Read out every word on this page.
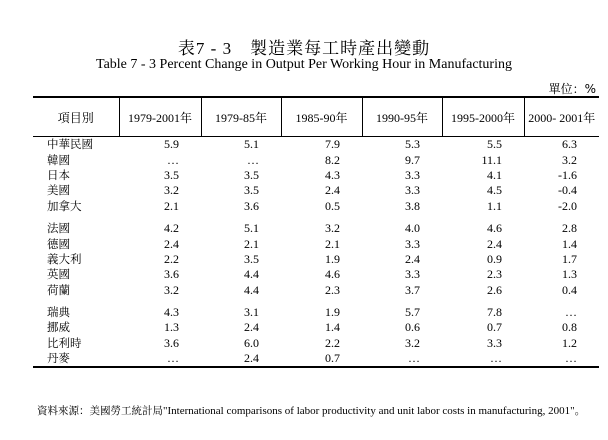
表7 - 3　製造業每工時產出變動
Table 7 - 3 Percent Change in Output Per Working Hour in Manufacturing
單位：%
項目別	1979-2001年	1979-85年	1985-90年	1990-95年	1995-2000年	2000- 2001年
中華民國	5.9	5.1	7.9	5.3	5.5	6.3
韓國	…	…	8.2	9.7	11.1	3.2
日本	3.5	3.5	4.3	3.3	4.1	-1.6
美國	3.2	3.5	2.4	3.3	4.5	-0.4
加拿大	2.1	3.6	0.5	3.8	1.1	-2.0

法國	4.2	5.1	3.2	4.0	4.6	2.8
德國	2.4	2.1	2.1	3.3	2.4	1.4
義大利	2.2	3.5	1.9	2.4	0.9	1.7
英國	3.6	4.4	4.6	3.3	2.3	1.3
荷蘭	3.2	4.4	2.3	3.7	2.6	0.4

瑞典	4.3	3.1	1.9	5.7	7.8	…
挪威	1.3	2.4	1.4	0.6	0.7	0.8
比利時	3.6	6.0	2.2	3.2	3.3	1.2
丹麥	…	2.4	0.7	…	…	…
資料來源：美國勞工統計局"International comparisons of labor productivity and unit labor costs in manufacturing, 2001"。
